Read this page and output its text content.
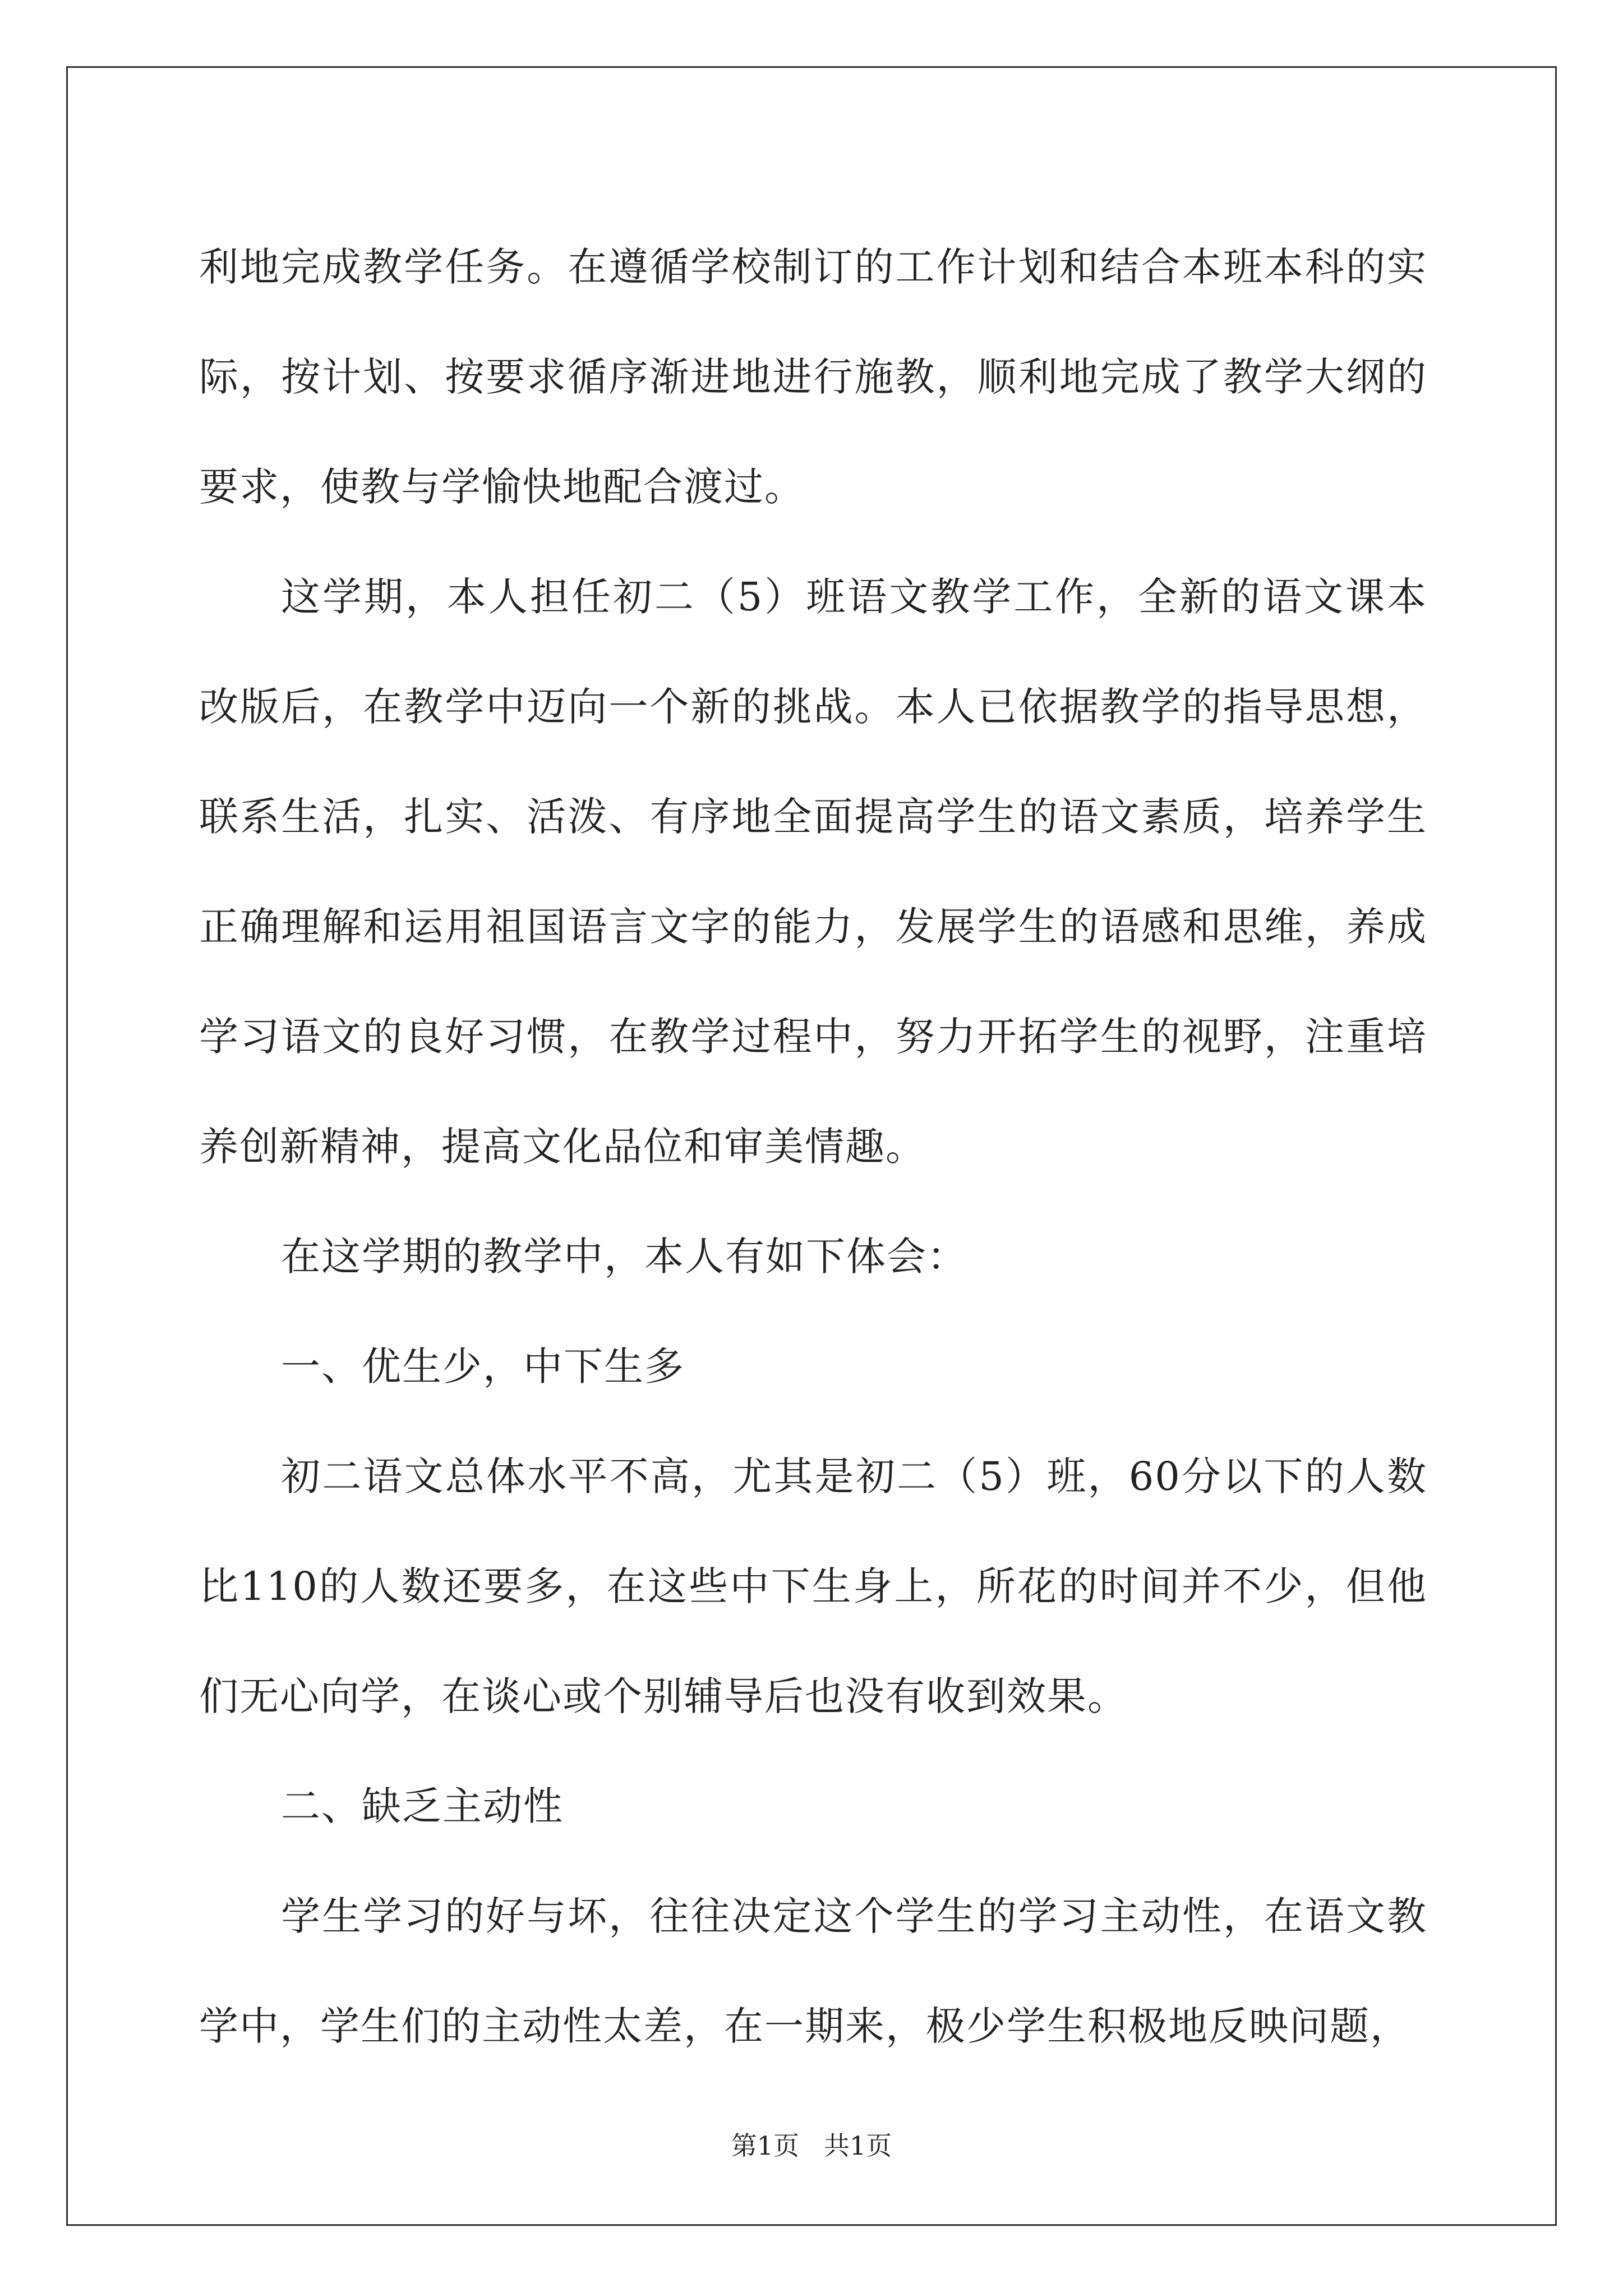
利地完成教学任务。在遵循学校制订的工作计划和结合本班本科的实际，按计划、按要求循序渐进地进行施教，顺利地完成了教学大纲的要求，使教与学愉快地配合渡过。

这学期，本人担任初二（5）班语文教学工作，全新的语文课本改版后，在教学中迈向一个新的挑战。本人已依据教学的指导思想，联系生活，扎实、活泼、有序地全面提高学生的语文素质，培养学生正确理解和运用祖国语言文字的能力，发展学生的语感和思维，养成学习语文的良好习惯，在教学过程中，努力开拓学生的视野，注重培养创新精神，提高文化品位和审美情趣。

在这学期的教学中，本人有如下体会：

一、优生少，中下生多

初二语文总体水平不高，尤其是初二（5）班，60分以下的人数比110的人数还要多，在这些中下生身上，所花的时间并不少，但他们无心向学，在谈心或个别辅导后也没有收到效果。

二、缺乏主动性

学生学习的好与坏，往往决定这个学生的学习主动性，在语文教学中，学生们的主动性太差，在一期来，极少学生积极地反映问题，

第1页 共1页
